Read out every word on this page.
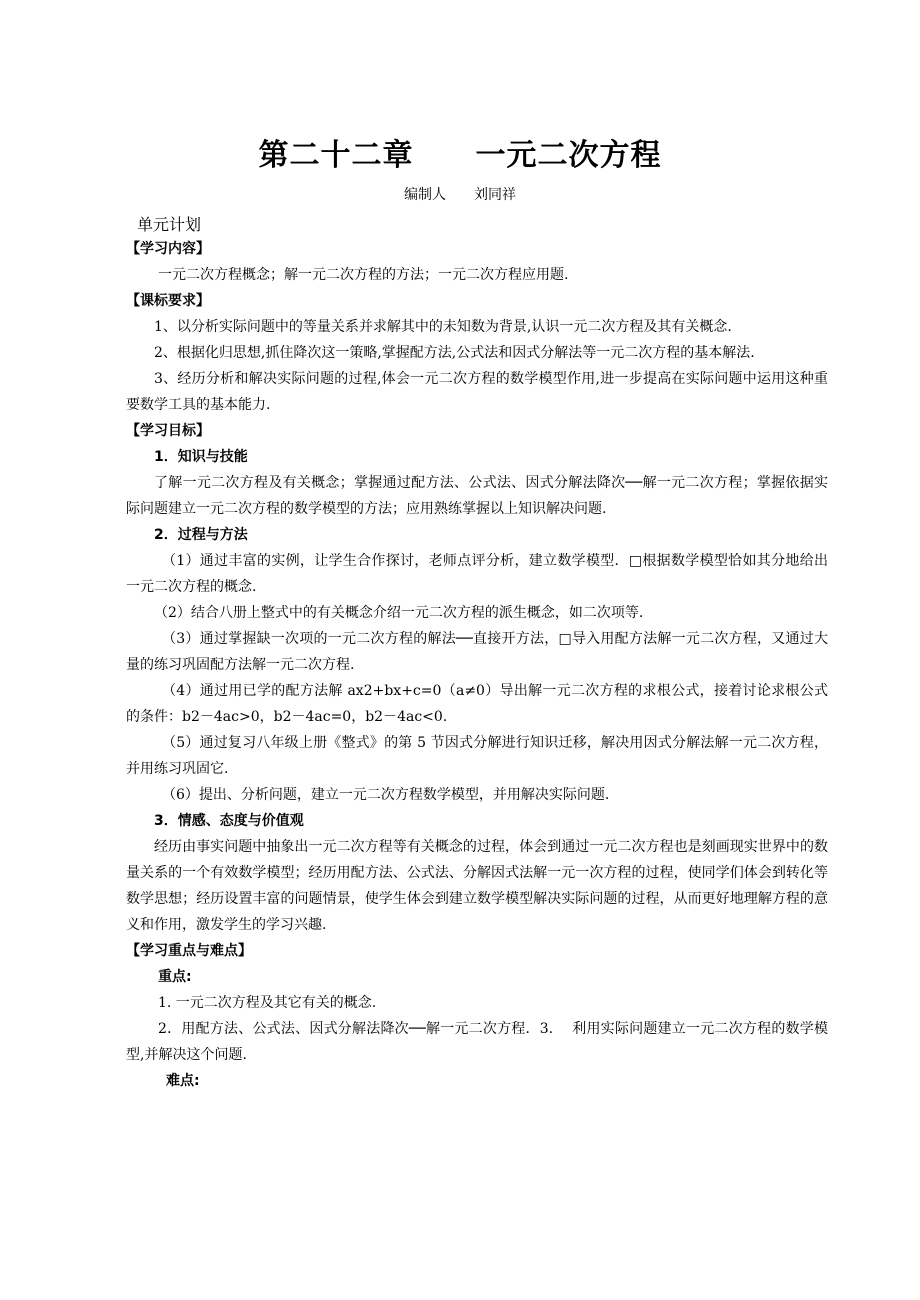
第二十二章　　一元二次方程
编制人　　刘同祥
单元计划
【学习内容】
一元二次方程概念；解一元二次方程的方法；一元二次方程应用题.
【课标要求】
1、以分析实际问题中的等量关系并求解其中的未知数为背景,认识一元二次方程及其有关概念.
2、根据化归思想,抓住降次这一策略,掌握配方法,公式法和因式分解法等一元二次方程的基本解法.
3、经历分析和解决实际问题的过程,体会一元二次方程的数学模型作用,进一步提高在实际问题中运用这种重要数学工具的基本能力.
【学习目标】
1．知识与技能
了解一元二次方程及有关概念；掌握通过配方法、公式法、因式分解法降次──解一元二次方程；掌握依据实际问题建立一元二次方程的数学模型的方法；应用熟练掌握以上知识解决问题.
2．过程与方法
（1）通过丰富的实例，让学生合作探讨，老师点评分析，建立数学模型．□根据数学模型恰如其分地给出一元二次方程的概念.
（2）结合八册上整式中的有关概念介绍一元二次方程的派生概念，如二次项等.
（3）通过掌握缺一次项的一元二次方程的解法──直接开方法，□导入用配方法解一元二次方程，又通过大量的练习巩固配方法解一元二次方程.
（4）通过用已学的配方法解 ax2+bx+c=0（a≠0）导出解一元二次方程的求根公式，接着讨论求根公式的条件：b2－4ac>0，b2－4ac=0，b2－4ac<0.
（5）通过复习八年级上册《整式》的第 5 节因式分解进行知识迁移，解决用因式分解法解一元二次方程，并用练习巩固它.
（6）提出、分析问题，建立一元二次方程数学模型，并用解决实际问题.
3．情感、态度与价值观
经历由事实问题中抽象出一元二次方程等有关概念的过程，体会到通过一元二次方程也是刻画现实世界中的数量关系的一个有效数学模型；经历用配方法、公式法、分解因式法解一元一次方程的过程，使同学们体会到转化等数学思想；经历设置丰富的问题情景，使学生体会到建立数学模型解决实际问题的过程，从而更好地理解方程的意义和作用，激发学生的学习兴趣.
【学习重点与难点】
重点:
1. 一元二次方程及其它有关的概念.
2．用配方法、公式法、因式分解法降次──解一元二次方程．3.　 利用实际问题建立一元二次方程的数学模型,并解决这个问题.
难点:
